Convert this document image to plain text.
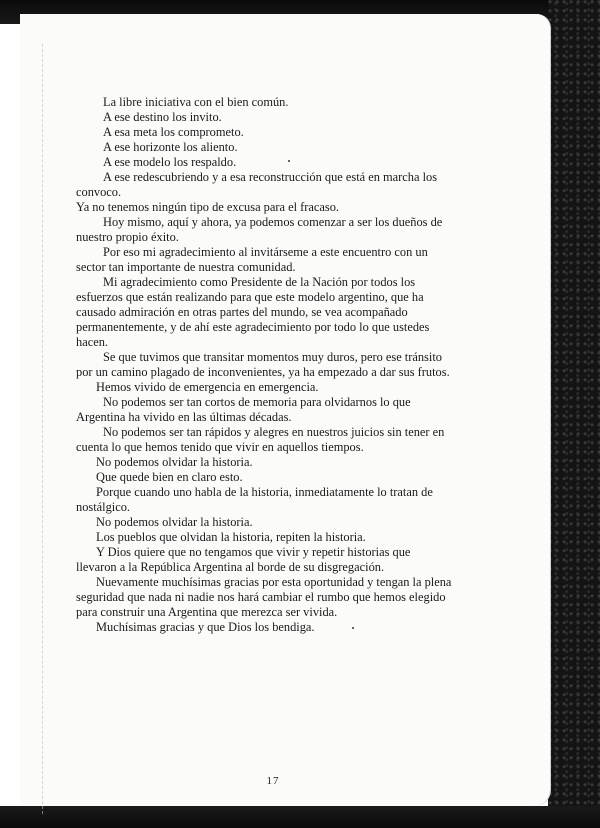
La libre iniciativa con el bien común.

A ese destino los invito.

A esa meta los comprometo.

A ese horizonte los aliento.

A ese modelo los respaldo.

A ese redescubriendo y a esa reconstrucción que está en marcha los

convoco.

Ya no tenemos ningún tipo de excusa para el fracaso.

Hoy mismo, aquí y ahora, ya podemos comenzar a ser los dueños de

nuestro propio éxito.

Por eso mi agradecimiento al invitárseme a este encuentro con un

sector tan importante de nuestra comunidad.

Mi agradecimiento como Presidente de la Nación por todos los

esfuerzos que están realizando para que este modelo argentino, que ha

causado admiración en otras partes del mundo, se vea acompañado

permanentemente, y de ahí este agradecimiento por todo lo que ustedes

hacen.

Se que tuvimos que transitar momentos muy duros, pero ese tránsito

por un camino plagado de inconvenientes, ya ha empezado a dar sus frutos.

Hemos vivido de emergencia en emergencia.

No podemos ser tan cortos de memoria para olvidarnos lo que

Argentina ha vivido en las últimas décadas.

No podemos ser tan rápidos y alegres en nuestros juicios sin tener en

cuenta lo que hemos tenido que vivir en aquellos tiempos.

No podemos olvidar la historia.

Que quede bien en claro esto.

Porque cuando uno habla de la historia, inmediatamente lo tratan de

nostálgico.

No podemos olvidar la historia.

Los pueblos que olvidan la historia, repiten la historia.

Y Dios quiere que no tengamos que vivir y repetir historias que

llevaron a la República Argentina al borde de su disgregación.

Nuevamente muchísimas gracias por esta oportunidad y tengan la plena

seguridad que nada ni nadie nos hará cambiar el rumbo que hemos elegido

para construir una Argentina que merezca ser vivida.

Muchísimas gracias y que Dios los bendiga.

17
